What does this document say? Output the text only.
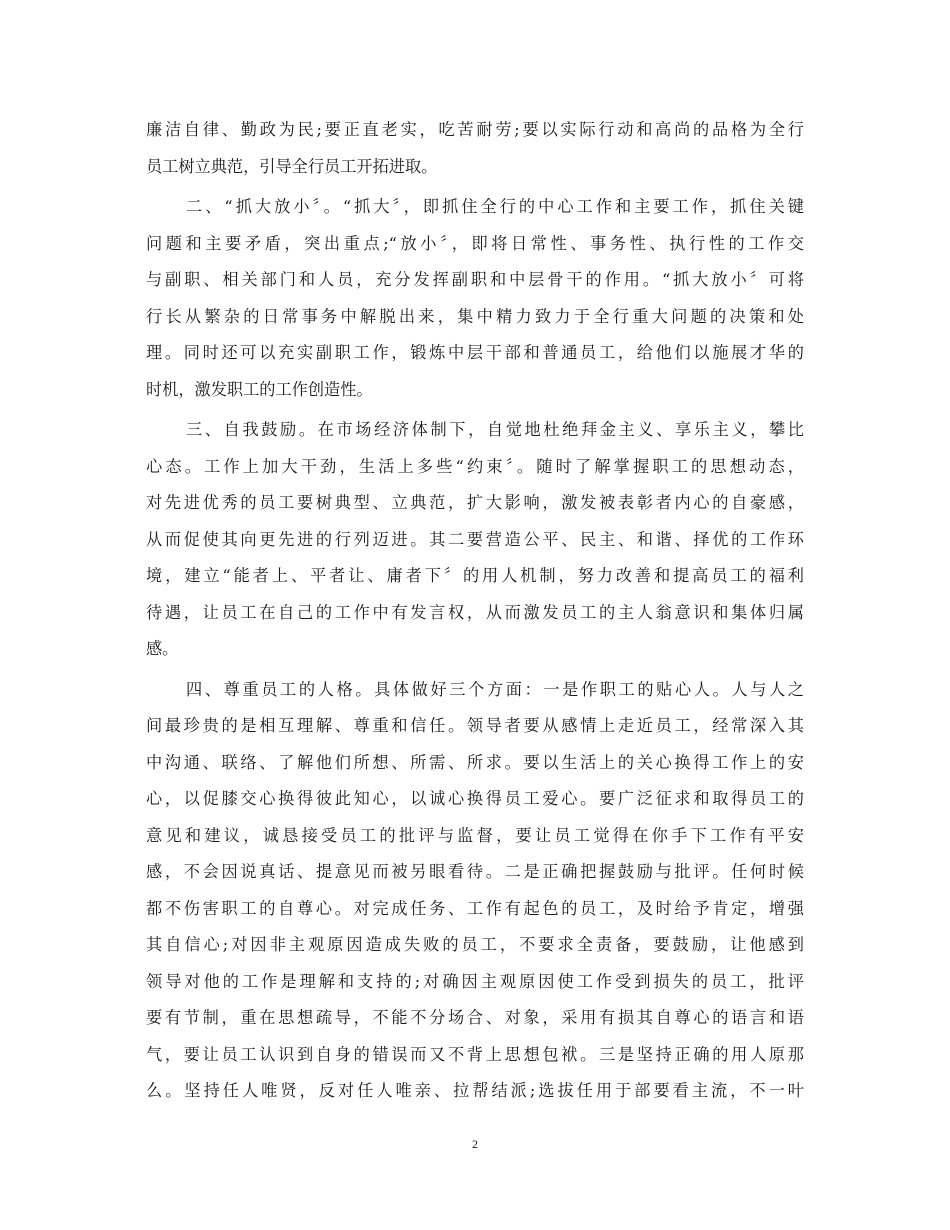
廉洁自律、勤政为民;要正直老实，吃苦耐劳;要以实际行动和高尚的品格为全行
员工树立典范，引导全行员工开拓进取。
二、“抓大放小〞。“抓大〞，即抓住全行的中心工作和主要工作，抓住关键
问题和主要矛盾，突出重点;“放小〞，即将日常性、事务性、执行性的工作交
与副职、相关部门和人员，充分发挥副职和中层骨干的作用。“抓大放小〞可将
行长从繁杂的日常事务中解脱出来，集中精力致力于全行重大问题的决策和处
理。同时还可以充实副职工作，锻炼中层干部和普通员工，给他们以施展才华的
时机，激发职工的工作创造性。
三、自我鼓励。在市场经济体制下，自觉地杜绝拜金主义、享乐主义，攀比
心态。工作上加大干劲，生活上多些“约束〞。随时了解掌握职工的思想动态，
对先进优秀的员工要树典型、立典范，扩大影响，激发被表彰者内心的自豪感，
从而促使其向更先进的行列迈进。其二要营造公平、民主、和谐、择优的工作环
境，建立“能者上、平者让、庸者下〞的用人机制，努力改善和提高员工的福利
待遇，让员工在自己的工作中有发言权，从而激发员工的主人翁意识和集体归属
感。
四、尊重员工的人格。具体做好三个方面：一是作职工的贴心人。人与人之
间最珍贵的是相互理解、尊重和信任。领导者要从感情上走近员工，经常深入其
中沟通、联络、了解他们所想、所需、所求。要以生活上的关心换得工作上的安
心，以促膝交心换得彼此知心，以诚心换得员工爱心。要广泛征求和取得员工的
意见和建议，诚恳接受员工的批评与监督，要让员工觉得在你手下工作有平安
感，不会因说真话、提意见而被另眼看待。二是正确把握鼓励与批评。任何时候
都不伤害职工的自尊心。对完成任务、工作有起色的员工，及时给予肯定，增强
其自信心;对因非主观原因造成失败的员工，不要求全责备，要鼓励，让他感到
领导对他的工作是理解和支持的;对确因主观原因使工作受到损失的员工，批评
要有节制，重在思想疏导，不能不分场合、对象，采用有损其自尊心的语言和语
气，要让员工认识到自身的错误而又不背上思想包袱。三是坚持正确的用人原那
么。坚持任人唯贤，反对任人唯亲、拉帮结派;选拔任用于部要看主流，不一叶
2
